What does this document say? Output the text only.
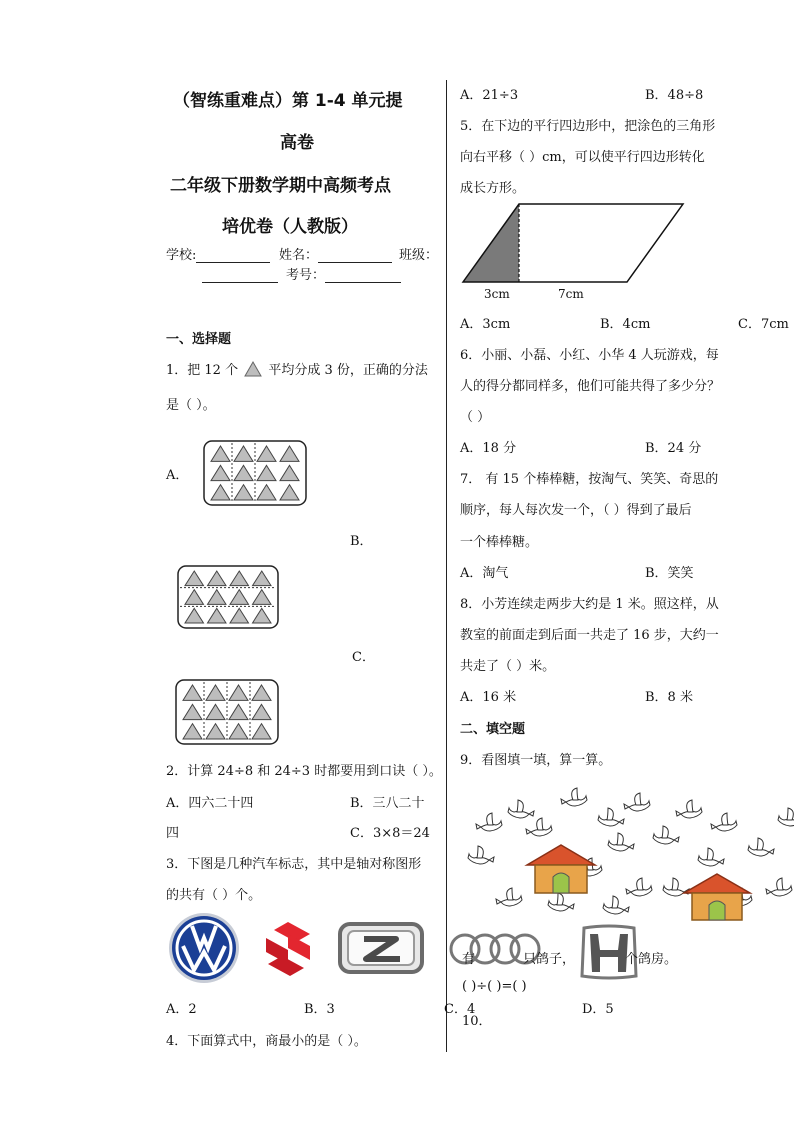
（智练重难点）第 1-4 单元提
高卷
二年级下册数学期中高频考点
培优卷（人教版）
学校:	姓名：	班级：
考号：
一、选择题
1．把 12 个 平均分成 3 份，正确的分法
是（ ）。
A．
B．
C．
2．计算 24÷8 和 24÷3 时都要用到口诀（ ）。
A．四六二十四	B．三八二十
四	C．3×8＝24
3．下图是几种汽车标志，其中是轴对称图形
的共有（ ）个。
A．2	B．3	C．4	D．5
4．下面算式中，商最小的是（ ）。
A．21÷3	B．48÷8
5．在下边的平行四边形中，把涂色的三角形
向右平移（ ）cm，可以使平行四边形转化
成长方形。
3cm	7cm
A．3cm	B．4cm	C．7cm
6．小丽、小磊、小红、小华 4 人玩游戏，每
人的得分都同样多，他们可能共得了多少分？
（ ）
A．18 分	B．24 分
7． 有 15 个棒棒糖，按淘气、笑笑、奇思的
顺序，每人每次发一个，（ ）得到了最后
一个棒棒糖。
A．淘气	B．笑笑
8．小芳连续走两步大约是 1 米。照这样，从
教室的前面走到后面一共走了 16 步，大约一
共走了（ ）米。
A．16 米	B．8 米
二、填空题
9．看图填一填，算一算。
有	只鸽子，	个鸽房。
( )÷( )=( )
10．
